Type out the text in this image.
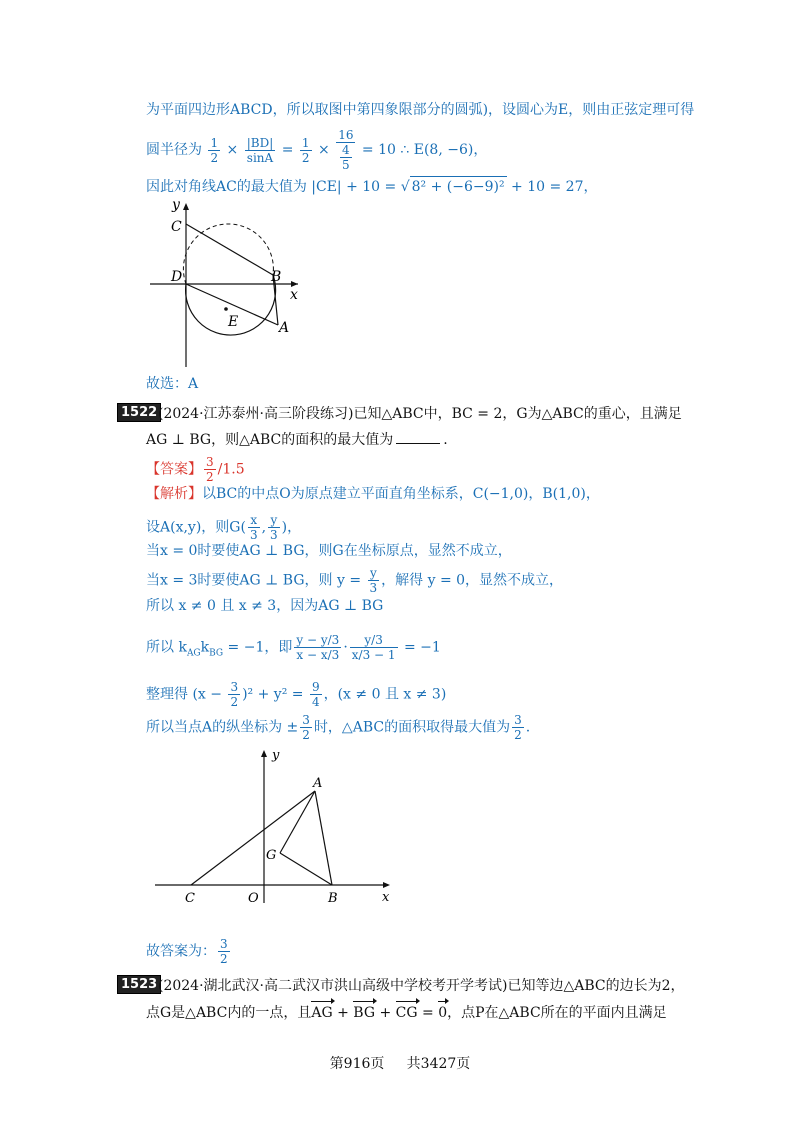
为平面四边形ABCD，所以取图中第四象限部分的圆弧)，设圆心为E，则由正弦定理可得
圆半径为 $\frac{1}{2} \times \frac{|BD|}{\sin A} = \frac{1}{2} \times \frac{16}{\frac{4}{5}} = 10$ ∴ E(8, −6)，
因此对角线AC的最大值为 |CE| + 10 = √ 8² + (−6−9)² + 10 = 27，
y
x
C
D	B
E	A
故选：A
1522 (2024·江苏泰州·高三阶段练习)已知△ABC中，BC = 2，G为△ABC的重心，且满足
AG ⊥ BG，则△ABC的面积的最大值为	.
【答案】 $\frac{3}{2} /1.5$
【解析】以BC的中点O为原点建立平面直角坐标系，C(−1,0)，B(1,0)，
设A(x,y)，则$G( \frac{x}{3}$ , $\frac{y}{3}$ )，
当x = 0时要使AG ⊥ BG，则G在坐标原点，显然不成立，
当x = 3时要使AG ⊥ BG，则 $y = \frac{y}{3}$ ，解得 y = 0，显然不成立，
所以 x ≠ 0 且 x ≠ 3，因为AG ⊥ BG
所以 $k_{AG}k_{BG} = -1$，即 $\frac{y - y/3}{x - x/3} \cdot \frac{y/3}{x/3 - 1} = -1$
整理得 $(x - \frac{3}{2} )^2 + y^2 = \frac{9}{4}$ ，(x ≠ 0 且 x ≠ 3)
所以当点A的纵坐标为 ± $\frac{3}{2}$ 时，△ABC的面积取得最大值为 $\frac{3}{2}$ .
y
x
A
G
C	O	B
故答案为： $\frac{3}{2}$
1523 (2024·湖北武汉·高二武汉市洪山高级中学校考开学考试)已知等边△ABC的边长为2，
点G是△ABC内的一点，且AG + BG + CG = 0，点P在△ABC所在的平面内且满足
第916页 共3427页
